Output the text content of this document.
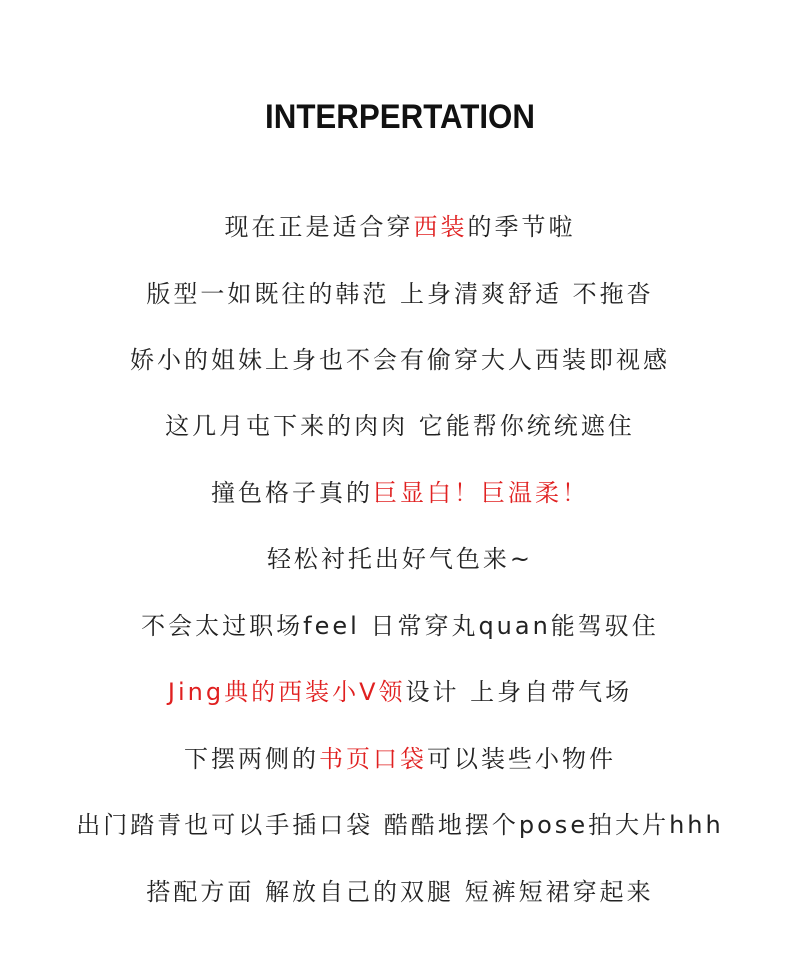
INTERPERTATION
现在正是适合穿西装的季节啦
版型一如既往的韩范 上身清爽舒适 不拖沓
娇小的姐妹上身也不会有偷穿大人西装即视感
这几月屯下来的肉肉 它能帮你统统遮住
撞色格子真的巨显白！巨温柔！
轻松衬托出好气色来~
不会太过职场feel 日常穿丸quan能驾驭住
Jing典的西装小V领设计 上身自带气场
下摆两侧的书页口袋可以装些小物件
出门踏青也可以手插口袋 酷酷地摆个pose拍大片hhh
搭配方面 解放自己的双腿 短裤短裙穿起来
